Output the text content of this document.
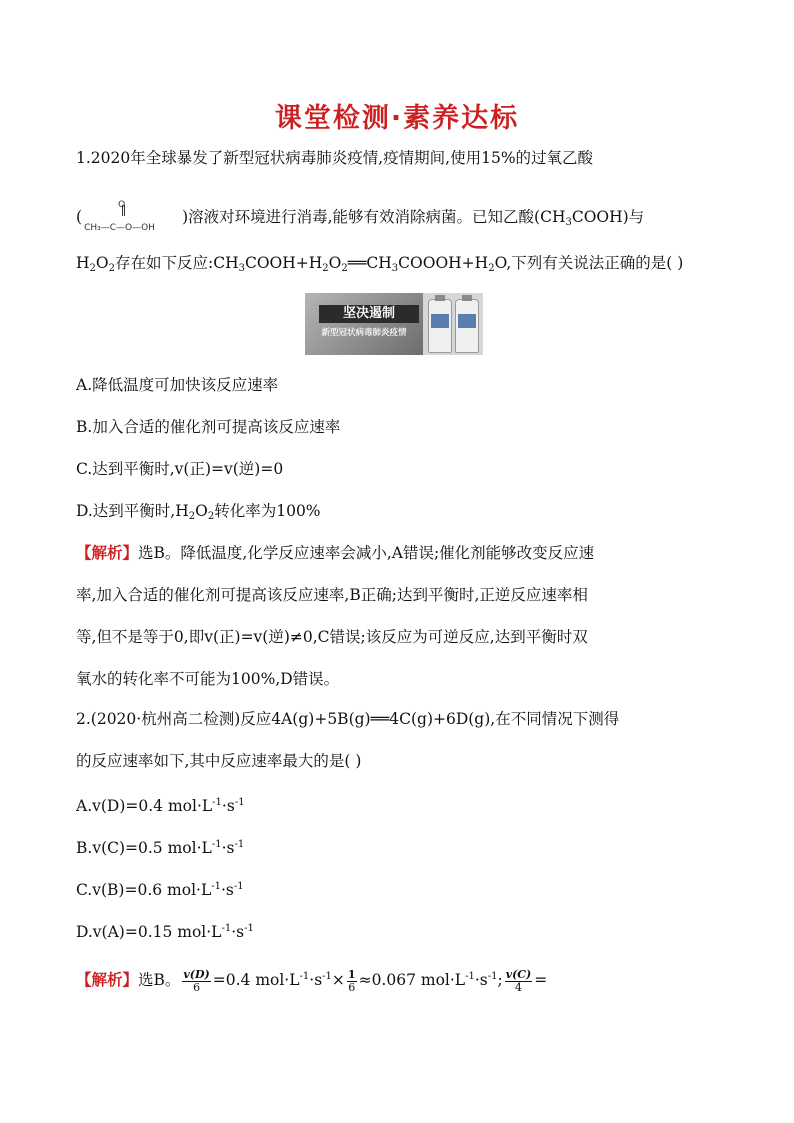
课堂检测·素养达标
1.2020年全球暴发了新型冠状病毒肺炎疫情,疫情期间,使用15%的过氧乙酸
(
O
CH₃—C—O—OH
)溶液对环境进行消毒,能够有效消除病菌。已知乙酸$(CH_3COOH)$与
$H_2O_2$存在如下反应$:CH_3COOH+H_2O_2══CH_3COOOH+H_2O$,下列有关说法正确的是( )
坚决遏制
新型冠状病毒肺炎疫情
A.降低温度可加快该反应速率
B.加入合适的催化剂可提高该反应速率
C.达到平衡时,v(正)=v(逆)=0
D.达到平衡时$,H_2O_2$转化率为100%
【解析】选B。降低温度,化学反应速率会减小,A错误;催化剂能够改变反应速
率,加入合适的催化剂可提高该反应速率,B正确;达到平衡时,正逆反应速率相
等,但不是等于0,即v(正)=v(逆)≠0,C错误;该反应为可逆反应,达到平衡时双
氧水的转化率不可能为100%,D错误。
2.(2020·杭州高二检测)反应4A(g)+5B(g)══4C(g)+6D(g),在不同情况下测得
的反应速率如下,其中反应速率最大的是( )
A.v(D)=0.4 $mol\cdot L^{-1}\cdot s^{-1}$
B.v(C)=0.5 $mol\cdot L^{-1}\cdot s^{-1}$
C.v(B)=0.6 $mol\cdot L^{-1}\cdot s^{-1}$
D.v(A)=0.15 $mol\cdot L^{-1}\cdot s^{-1}$
【解析】选B。 $\frac{v(D)}{6} =0.4$ $mol\cdot L^{-1}\cdot s^{-1}\times \frac{1}{6} \approx 0.067$ $mol\cdot L^{-1}\cdot s^{-1}$; $\frac{v(C)}{4}$ =
